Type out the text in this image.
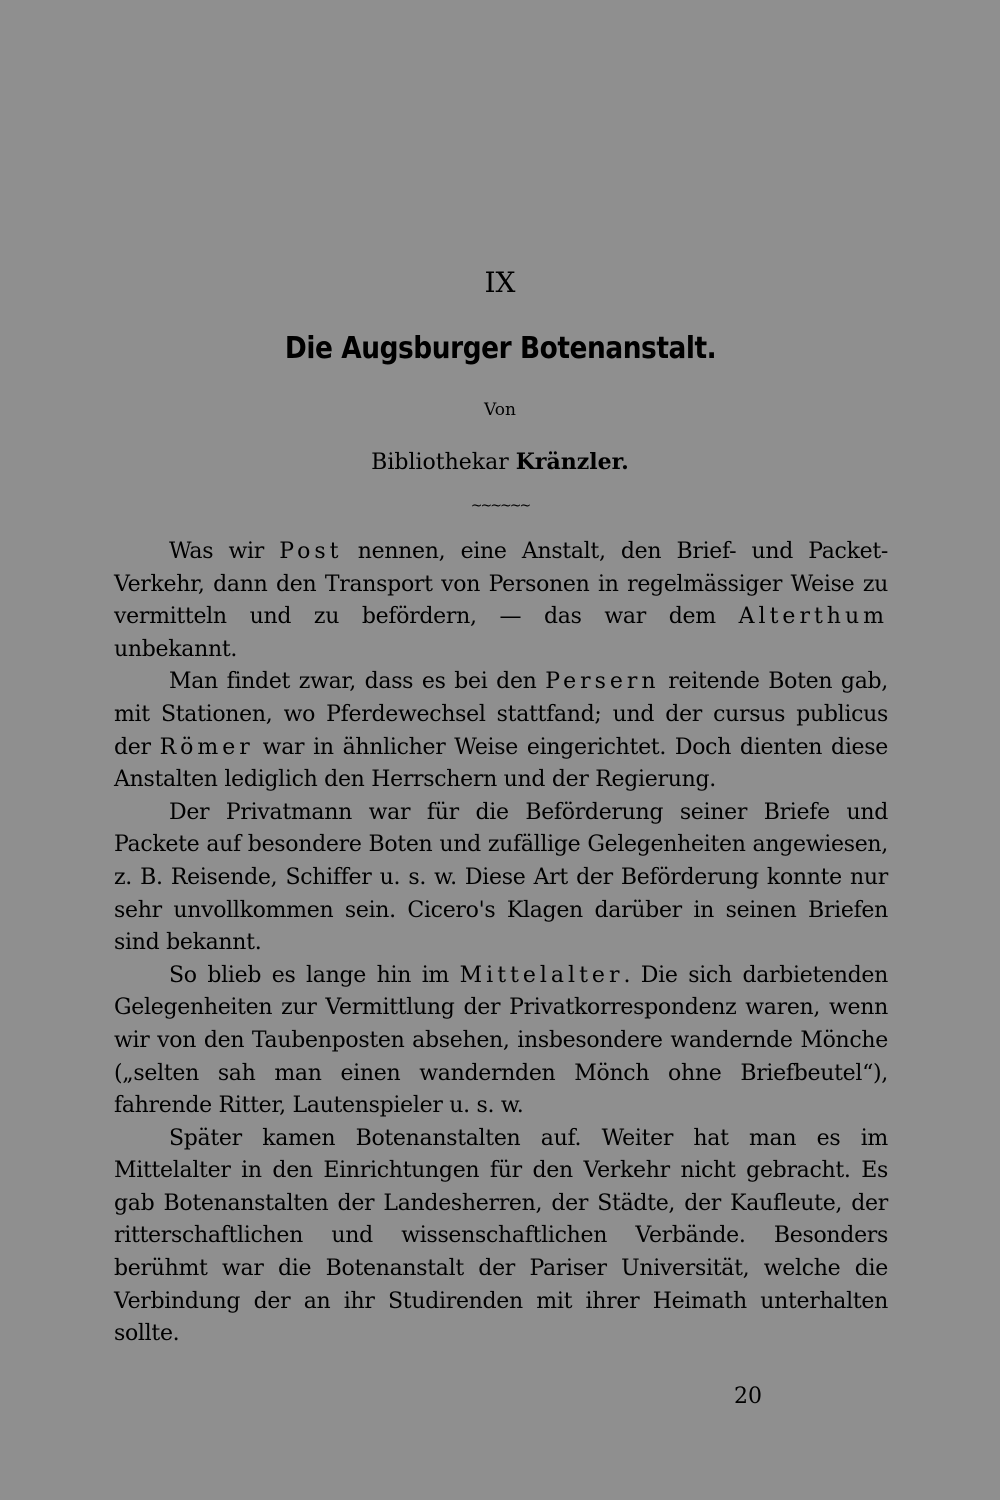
IX
Die Augsburger Botenanstalt.
Von
Bibliothekar Kränzler.
~~~~~~

Was wir Post nennen, eine Anstalt, den Brief- und Packet-Verkehr, dann den Transport von Personen in regelmässiger Weise zu vermitteln und zu befördern, — das war dem Alterthum unbekannt.

Man findet zwar, dass es bei den Persern reitende Boten gab, mit Stationen, wo Pferdewechsel stattfand; und der cursus publicus der Römer war in ähnlicher Weise eingerichtet. Doch dienten diese Anstalten lediglich den Herrschern und der Regierung.

Der Privatmann war für die Beförderung seiner Briefe und Packete auf besondere Boten und zufällige Gelegenheiten angewiesen, z. B. Reisende, Schiffer u. s. w. Diese Art der Beförderung konnte nur sehr unvollkommen sein. Cicero's Klagen darüber in seinen Briefen sind bekannt.

So blieb es lange hin im Mittelalter. Die sich darbietenden Gelegenheiten zur Vermittlung der Privatkorrespondenz waren, wenn wir von den Taubenposten absehen, insbesondere wandernde Mönche („selten sah man einen wandernden Mönch ohne Briefbeutel“), fahrende Ritter, Lautenspieler u. s. w.

Später kamen Botenanstalten auf. Weiter hat man es im Mittelalter in den Einrichtungen für den Verkehr nicht gebracht. Es gab Botenanstalten der Landesherren, der Städte, der Kaufleute, der ritterschaftlichen und wissenschaftlichen Verbände. Besonders berühmt war die Botenanstalt der Pariser Universität, welche die Verbindung der an ihr Studirenden mit ihrer Heimath unterhalten sollte.

20
